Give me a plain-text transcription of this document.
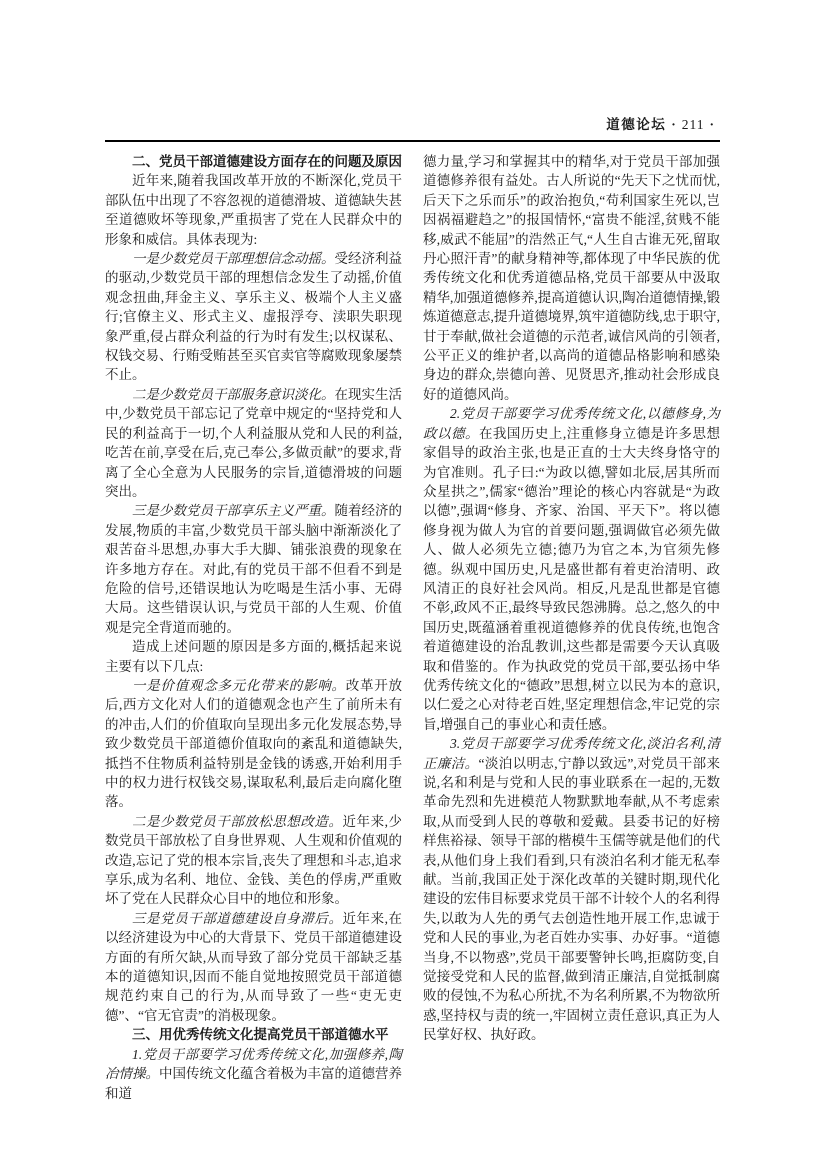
道德论坛 · 211 ·
二、党员干部道德建设方面存在的问题及原因

近年来,随着我国改革开放的不断深化,党员干部队伍中出现了不容忽视的道德滑坡、道德缺失甚至道德败坏等现象,严重损害了党在人民群众中的形象和威信。具体表现为:

一是少数党员干部理想信念动摇。受经济利益的驱动,少数党员干部的理想信念发生了动摇,价值观念扭曲,拜金主义、享乐主义、极端个人主义盛行;官僚主义、形式主义、虚报浮夸、渎职失职现象严重,侵占群众利益的行为时有发生;以权谋私、权钱交易、行贿受贿甚至买官卖官等腐败现象屡禁不止。

二是少数党员干部服务意识淡化。在现实生活中,少数党员干部忘记了党章中规定的“坚持党和人民的利益高于一切,个人利益服从党和人民的利益,吃苦在前,享受在后,克己奉公,多做贡献”的要求,背离了全心全意为人民服务的宗旨,道德滑坡的问题突出。

三是少数党员干部享乐主义严重。随着经济的发展,物质的丰富,少数党员干部头脑中渐渐淡化了艰苦奋斗思想,办事大手大脚、铺张浪费的现象在许多地方存在。对此,有的党员干部不但看不到是危险的信号,还错误地认为吃喝是生活小事、无碍大局。这些错误认识,与党员干部的人生观、价值观是完全背道而驰的。

造成上述问题的原因是多方面的,概括起来说主要有以下几点:

一是价值观念多元化带来的影响。改革开放后,西方文化对人们的道德观念也产生了前所未有的冲击,人们的价值取向呈现出多元化发展态势,导致少数党员干部道德价值取向的紊乱和道德缺失,抵挡不住物质利益特别是金钱的诱惑,开始利用手中的权力进行权钱交易,谋取私利,最后走向腐化堕落。

二是少数党员干部放松思想改造。近年来,少数党员干部放松了自身世界观、人生观和价值观的改造,忘记了党的根本宗旨,丧失了理想和斗志,追求享乐,成为名利、地位、金钱、美色的俘虏,严重败坏了党在人民群众心目中的地位和形象。

三是党员干部道德建设自身滞后。近年来,在以经济建设为中心的大背景下、党员干部道德建设方面的有所欠缺,从而导致了部分党员干部缺乏基本的道德知识,因而不能自觉地按照党员干部道德规范约束自己的行为,从而导致了一些“吏无吏德”、“官无官责”的消极现象。

三、用优秀传统文化提高党员干部道德水平

1.党员干部要学习优秀传统文化,加强修养,陶冶情操。中国传统文化蕴含着极为丰富的道德营养和道

德力量,学习和掌握其中的精华,对于党员干部加强道德修养很有益处。古人所说的“先天下之忧而忧,后天下之乐而乐”的政治抱负,“苟利国家生死以,岂因祸福避趋之”的报国情怀,“富贵不能淫,贫贱不能移,威武不能屈”的浩然正气,“人生自古谁无死,留取丹心照汗青”的献身精神等,都体现了中华民族的优秀传统文化和优秀道德品格,党员干部要从中汲取精华,加强道德修养,提高道德认识,陶冶道德情操,锻炼道德意志,提升道德境界,筑牢道德防线,忠于职守,甘于奉献,做社会道德的示范者,诚信风尚的引领者,公平正义的维护者,以高尚的道德品格影响和感染身边的群众,崇德向善、见贤思齐,推动社会形成良好的道德风尚。

2.党员干部要学习优秀传统文化,以德修身,为政以德。在我国历史上,注重修身立德是许多思想家倡导的政治主张,也是正直的士大夫终身恪守的为官准则。孔子曰:“为政以德,譬如北辰,居其所而众星拱之”,儒家“德治”理论的核心内容就是“为政以德”,强调“修身、齐家、治国、平天下”。将以德修身视为做人为官的首要问题,强调做官必须先做人、做人必须先立德;德乃为官之本,为官须先修德。纵观中国历史,凡是盛世都有着吏治清明、政风清正的良好社会风尚。相反,凡是乱世都是官德不彰,政风不正,最终导致民怨沸腾。总之,悠久的中国历史,既蕴涵着重视道德修养的优良传统,也饱含着道德建设的治乱教训,这些都是需要今天认真吸取和借鉴的。作为执政党的党员干部,要弘扬中华优秀传统文化的“德政”思想,树立以民为本的意识,以仁爱之心对待老百姓,坚定理想信念,牢记党的宗旨,增强自己的事业心和责任感。

3.党员干部要学习优秀传统文化,淡泊名利,清正廉洁。“淡泊以明志,宁静以致远”,对党员干部来说,名和利是与党和人民的事业联系在一起的,无数革命先烈和先进模范人物默默地奉献,从不考虑索取,从而受到人民的尊敬和爱戴。县委书记的好榜样焦裕禄、领导干部的楷模牛玉儒等就是他们的代表,从他们身上我们看到,只有淡泊名利才能无私奉献。当前,我国正处于深化改革的关键时期,现代化建设的宏伟目标要求党员干部不计较个人的名利得失,以敢为人先的勇气去创造性地开展工作,忠诚于党和人民的事业,为老百姓办实事、办好事。“道德当身,不以物惑”,党员干部要警钟长鸣,拒腐防变,自觉接受党和人民的监督,做到清正廉洁,自觉抵制腐败的侵蚀,不为私心所扰,不为名利所累,不为物欲所惑,坚持权与责的统一,牢固树立责任意识,真正为人民掌好权、执好政。
